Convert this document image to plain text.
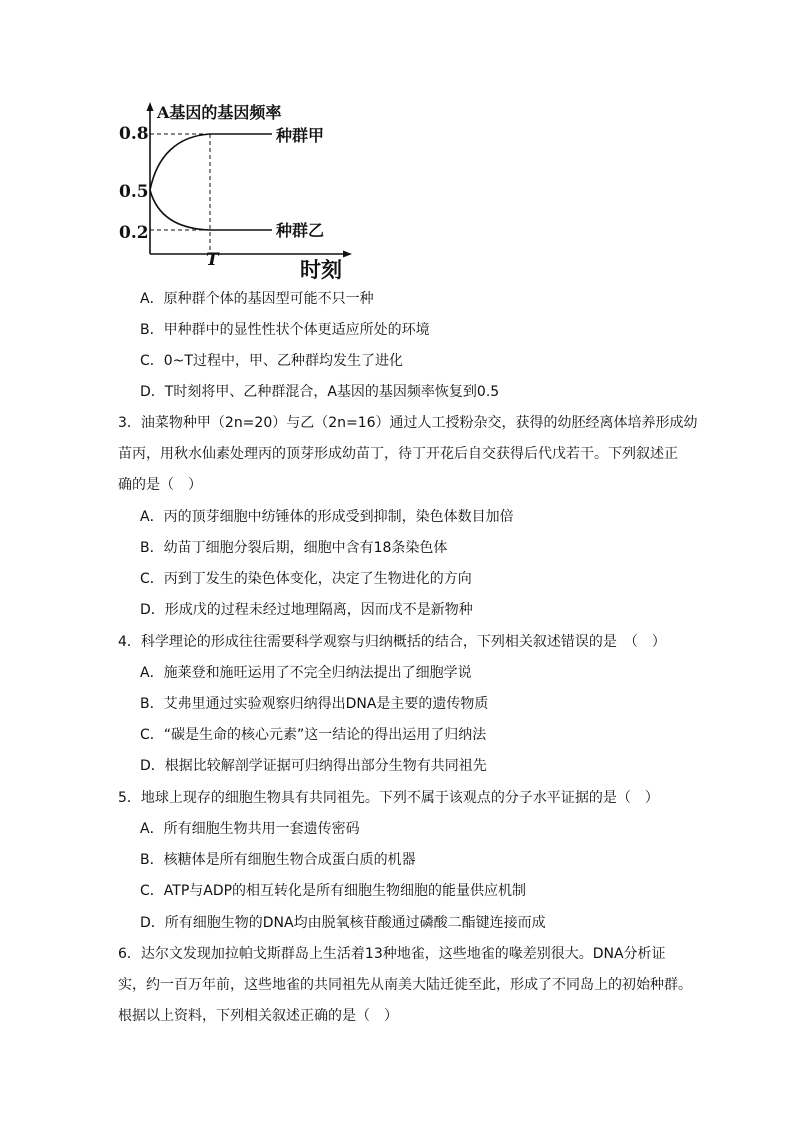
A基因的基因频率
0.8
0.5
0.2
种群甲
种群乙
T	时刻
A．原种群个体的基因型可能不只一种
B．甲种群中的显性性状个体更适应所处的环境
C．0~T过程中，甲、乙种群均发生了进化
D．T时刻将甲、乙种群混合，A基因的基因频率恢复到0.5
3．油菜物种甲（2n=20）与乙（2n=16）通过人工授粉杂交，获得的幼胚经离体培养形成幼
苗丙，用秋水仙素处理丙的顶芽形成幼苗丁，待丁开花后自交获得后代戊若干。下列叙述正
确的是（　）
A．丙的顶芽细胞中纺锤体的形成受到抑制，染色体数目加倍
B．幼苗丁细胞分裂后期，细胞中含有18条染色体
C．丙到丁发生的染色体变化，决定了生物进化的方向
D．形成戊的过程未经过地理隔离，因而戊不是新物种
4．科学理论的形成往往需要科学观察与归纳概括的结合，下列相关叙述错误的是　（　）
A．施莱登和施旺运用了不完全归纳法提出了细胞学说
B．艾弗里通过实验观察归纳得出DNA是主要的遗传物质
C．“碳是生命的核心元素”这一结论的得出运用了归纳法
D．根据比较解剖学证据可归纳得出部分生物有共同祖先
5．地球上现存的细胞生物具有共同祖先。下列不属于该观点的分子水平证据的是（　）
A．所有细胞生物共用一套遗传密码
B．核糖体是所有细胞生物合成蛋白质的机器
C．ATP与ADP的相互转化是所有细胞生物细胞的能量供应机制
D．所有细胞生物的DNA均由脱氧核苷酸通过磷酸二酯键连接而成
6．达尔文发现加拉帕戈斯群岛上生活着13种地雀，这些地雀的喙差别很大。DNA分析证
实，约一百万年前，这些地雀的共同祖先从南美大陆迁徙至此，形成了不同岛上的初始种群。
根据以上资料，下列相关叙述正确的是（　）
